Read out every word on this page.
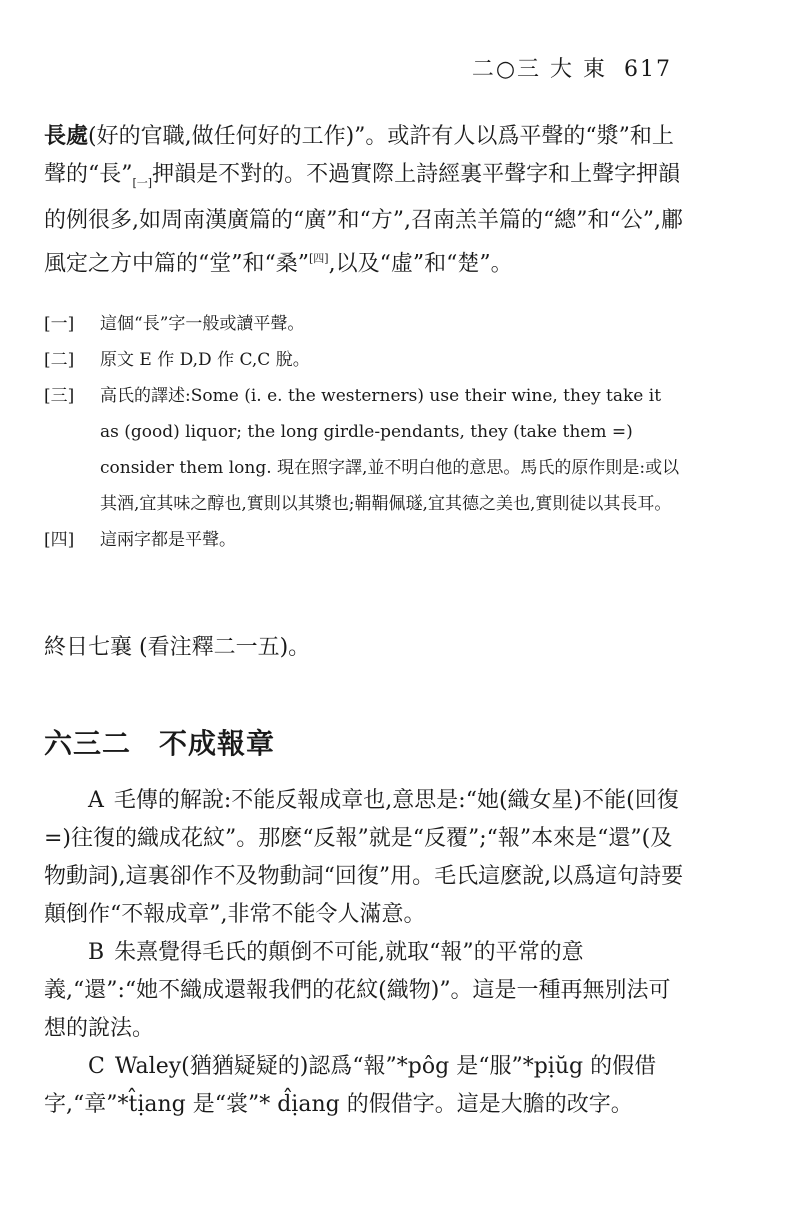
二○三 大 東 617
長處(好的官職,做任何好的工作)”。或許有人以爲平聲的“漿”和上聲的“長$”_{[一]}$押韻是不對的。不過實際上詩經裏平聲字和上聲字押韻的例很多,如周南漢廣篇的“廣”和“方”,召南羔羊篇的“總”和“公”,鄘風定之方中篇的“堂”和“桑”[四],以及“虛”和“楚”。
[一] 這個“長”字一般或讀平聲。
[二] 原文 E 作 D,D 作 C,C 脫。
[三] 高氏的譯述:Some (i. e. the westerners) use their wine, they take it as (good) liquor; the long girdle-pendants, they (take them =) consider them long. 現在照字譯,並不明白他的意思。馬氏的原作則是:或以其酒,宜其味之醇也,實則以其漿也;鞙鞙佩璲,宜其德之美也,實則徒以其長耳。
[四] 這兩字都是平聲。
終日七襄 (看注釋二一五)。
六三二 不成報章

A 毛傳的解說:不能反報成章也,意思是:“她(織女星)不能(回復=)往復的織成花紋”。那麽“反報”就是“反覆”;“報”本來是“還”(及物動詞),這裏卻作不及物動詞“回復”用。毛氏這麽說,以爲這句詩要顛倒作“不報成章”,非常不能令人滿意。

B 朱熹覺得毛氏的顛倒不可能,就取“報”的平常的意義,“還”:“她不織成還報我們的花紋(織物)”。這是一種再無別法可想的說法。

C Waley(猶猶疑疑的)認爲“報”*pôg 是“服”*pịŭg 的假借字,“章”*t̂ịang 是“裳”* d̂ịang 的假借字。這是大膽的改字。
